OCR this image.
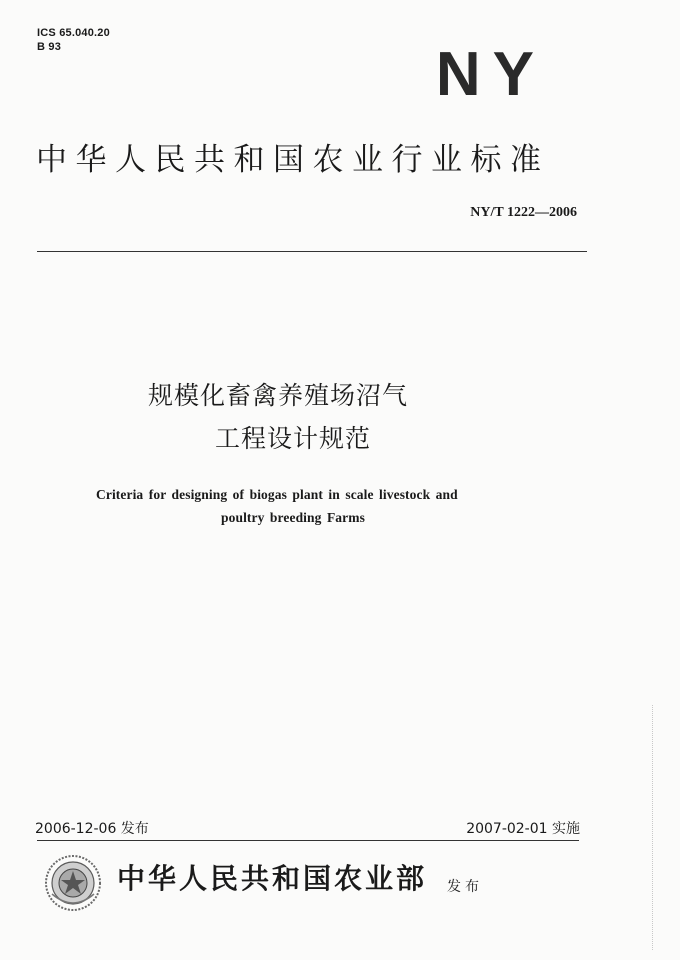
ICS 65.040.20
B 93	NY
中华人民共和国农业行业标准
NY/T 1222—2006
规模化畜禽养殖场沼气
工程设计规范
Criteria for designing of biogas plant in scale livestock and
poultry breeding Farms
2006-12-06 发布	2007-02-01 实施
中华人民共和国农业部 发布
